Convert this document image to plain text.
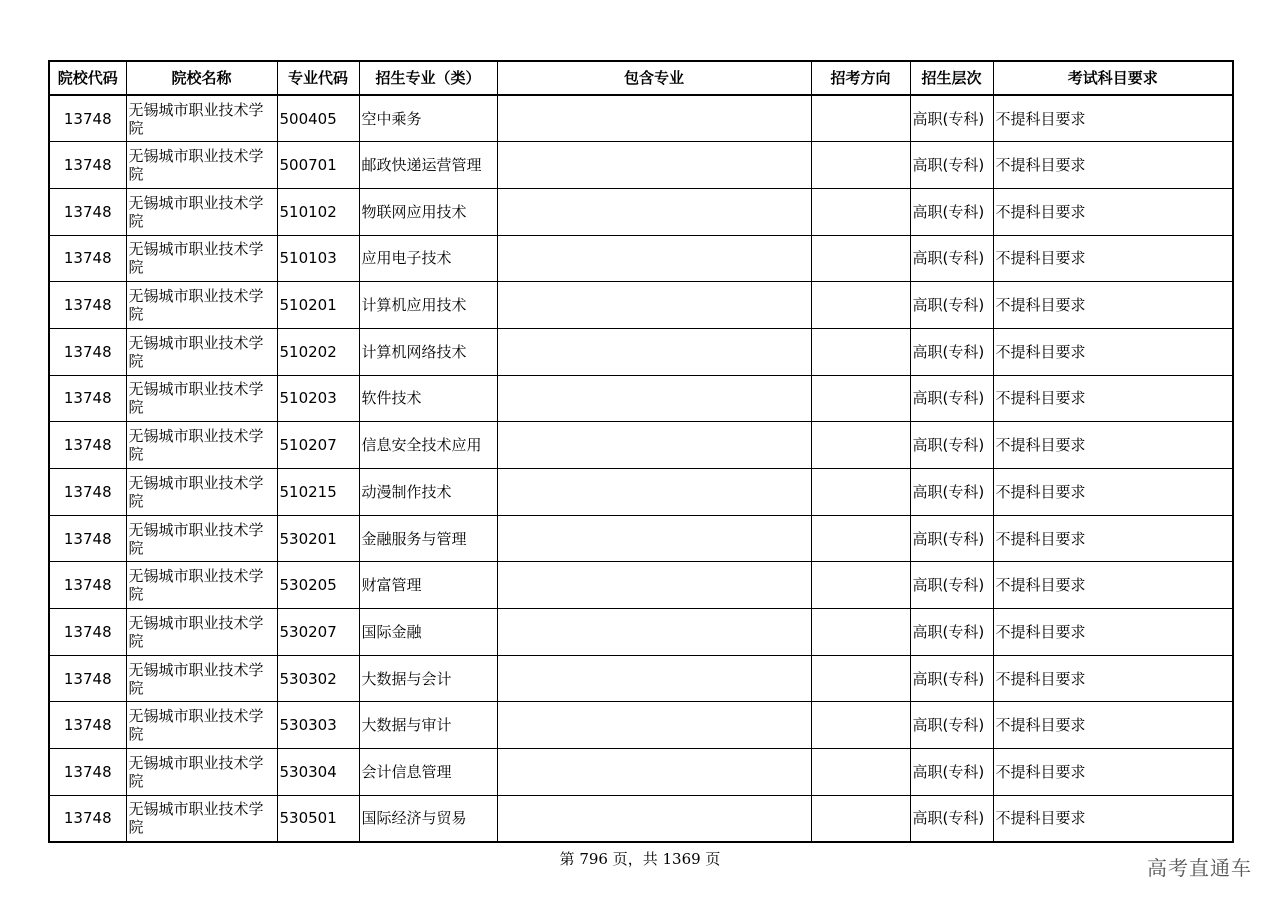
院校代码	院校名称	专业代码	招生专业（类）	包含专业	招考方向	招生层次	考试科目要求
13748	无锡城市职业技术学院	500405	空中乘务			高职(专科)	不提科目要求
13748	无锡城市职业技术学院	500701	邮政快递运营管理			高职(专科)	不提科目要求
13748	无锡城市职业技术学院	510102	物联网应用技术			高职(专科)	不提科目要求
13748	无锡城市职业技术学院	510103	应用电子技术			高职(专科)	不提科目要求
13748	无锡城市职业技术学院	510201	计算机应用技术			高职(专科)	不提科目要求
13748	无锡城市职业技术学院	510202	计算机网络技术			高职(专科)	不提科目要求
13748	无锡城市职业技术学院	510203	软件技术			高职(专科)	不提科目要求
13748	无锡城市职业技术学院	510207	信息安全技术应用			高职(专科)	不提科目要求
13748	无锡城市职业技术学院	510215	动漫制作技术			高职(专科)	不提科目要求
13748	无锡城市职业技术学院	530201	金融服务与管理			高职(专科)	不提科目要求
13748	无锡城市职业技术学院	530205	财富管理			高职(专科)	不提科目要求
13748	无锡城市职业技术学院	530207	国际金融			高职(专科)	不提科目要求
13748	无锡城市职业技术学院	530302	大数据与会计			高职(专科)	不提科目要求
13748	无锡城市职业技术学院	530303	大数据与审计			高职(专科)	不提科目要求
13748	无锡城市职业技术学院	530304	会计信息管理			高职(专科)	不提科目要求
13748	无锡城市职业技术学院	530501	国际经济与贸易			高职(专科)	不提科目要求
第 796 页，共 1369 页	高考直通车
